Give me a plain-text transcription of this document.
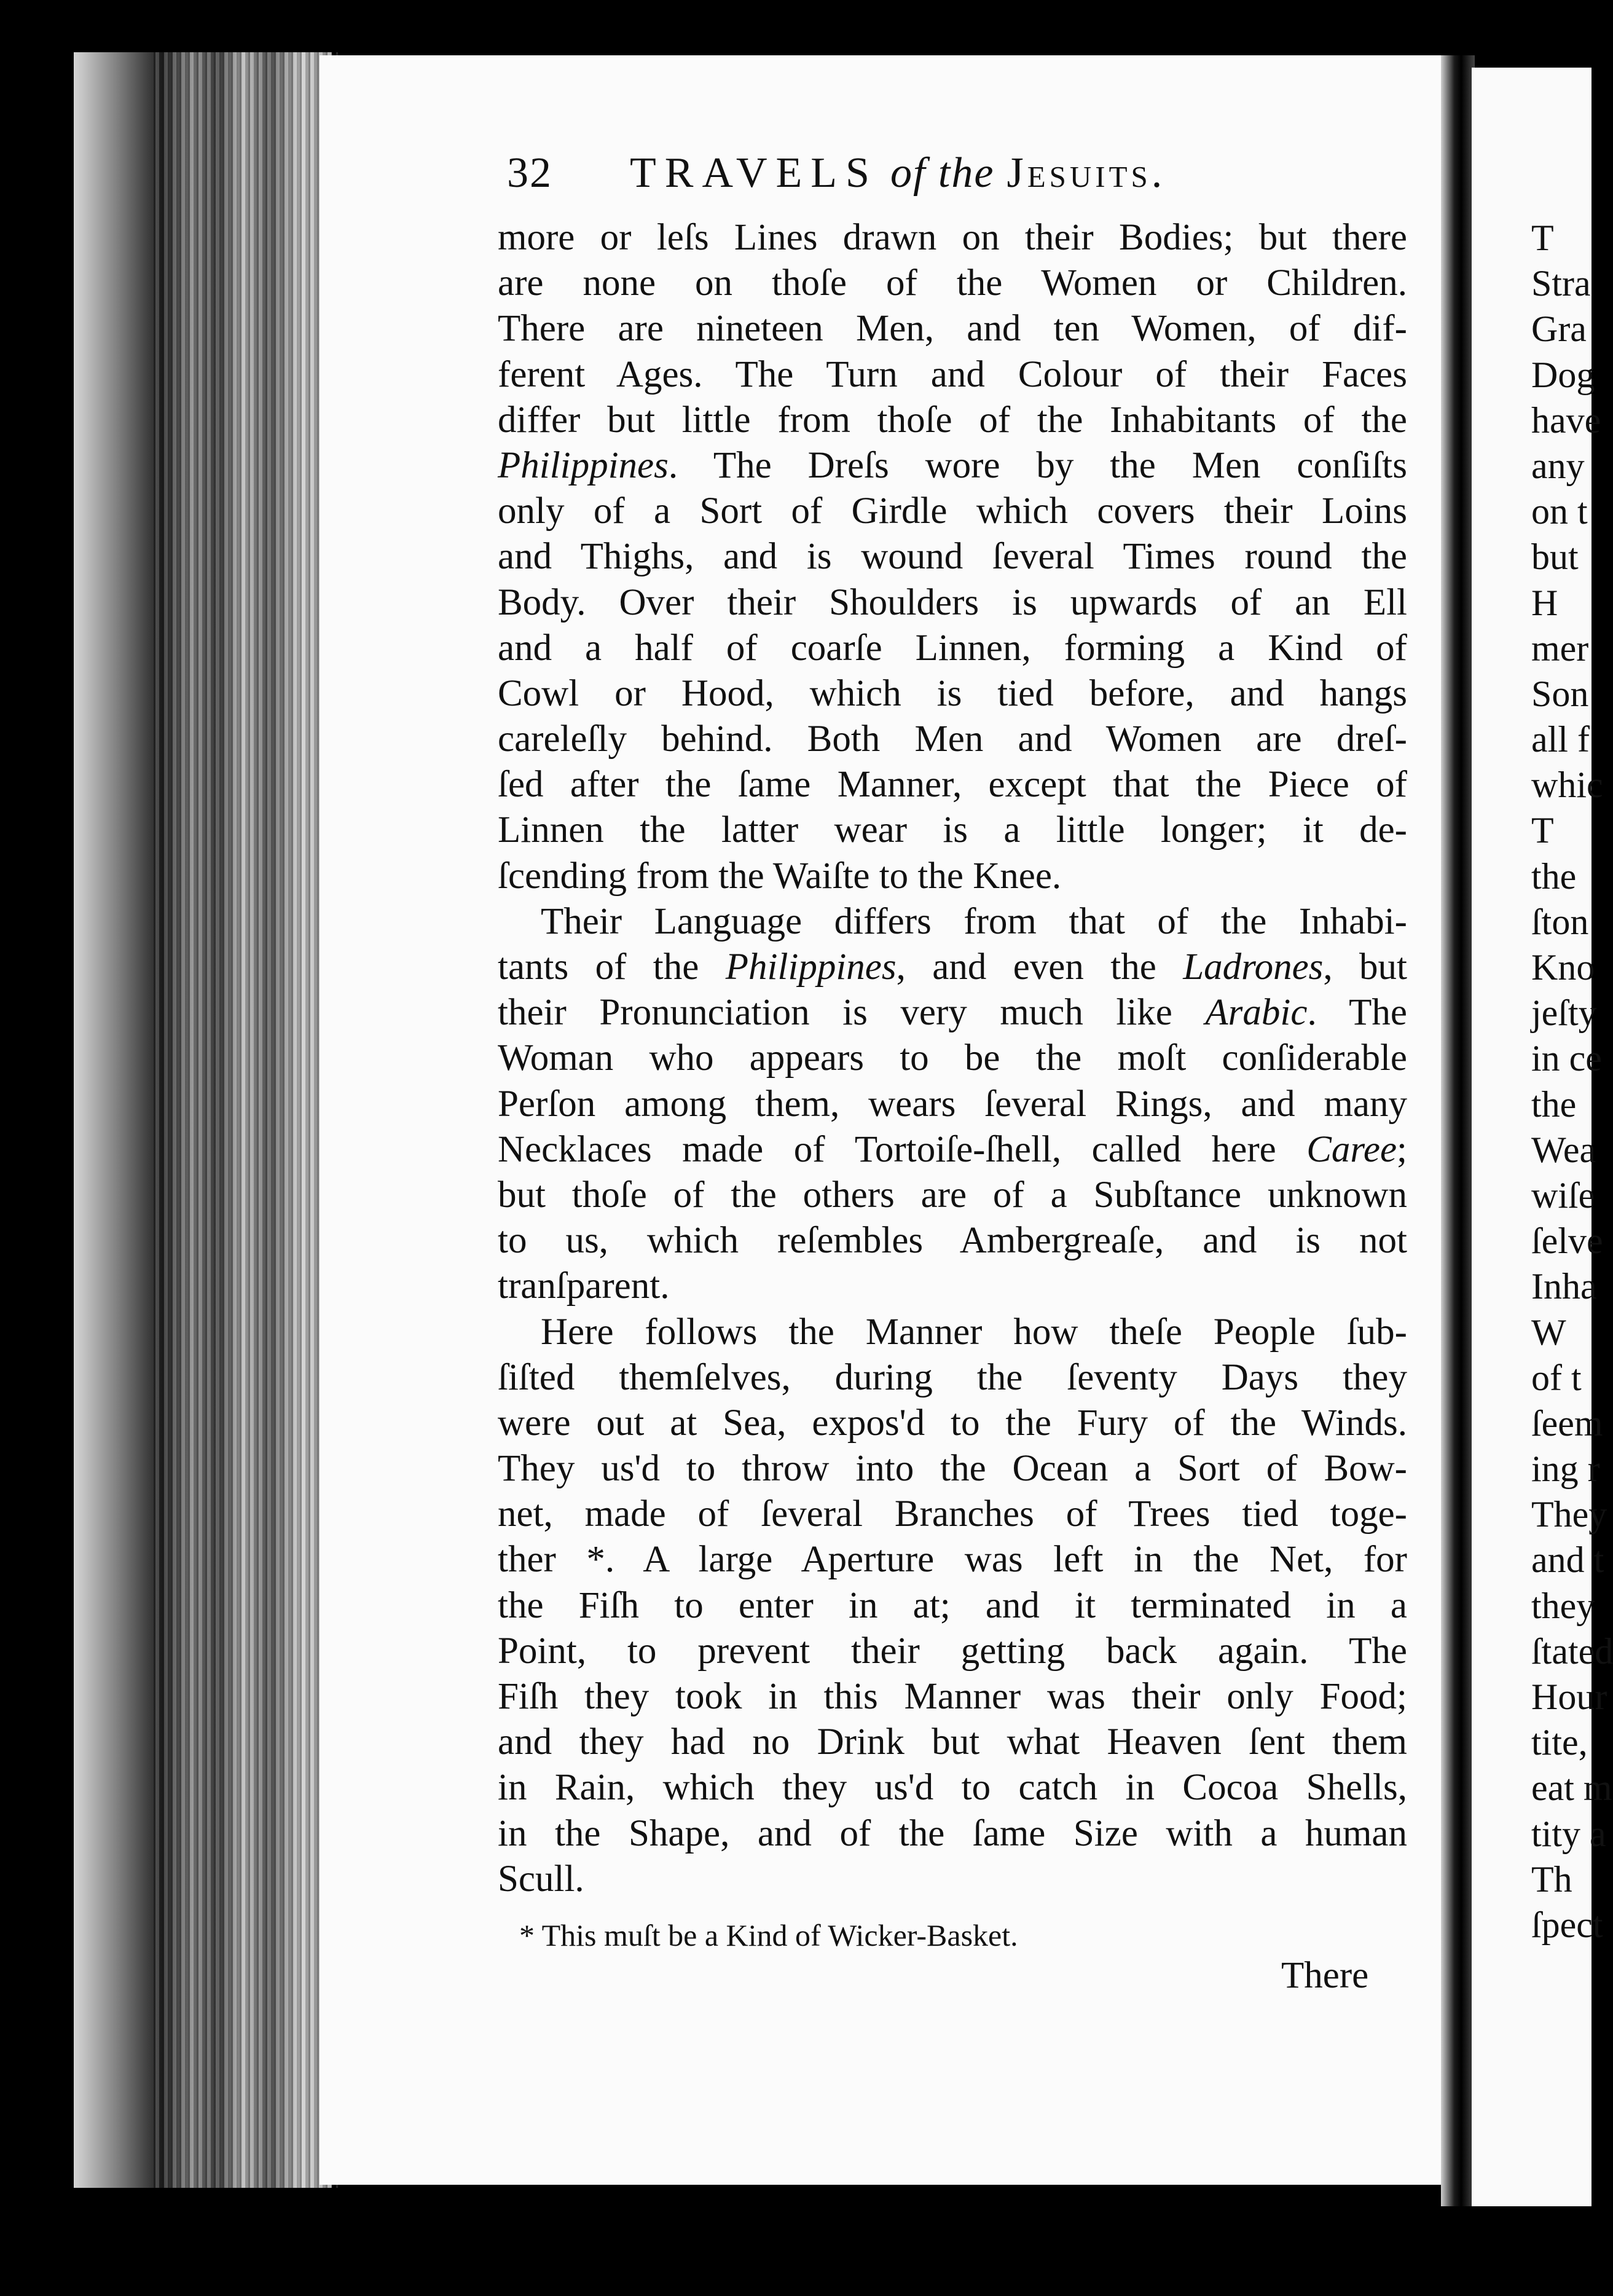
32	TRAVELS of the Jesuits.
more or leſs Lines drawn on their Bodies; but there
are none on thoſe of the Women or Children.
There are nineteen Men, and ten Women, of dif-
ferent Ages. The Turn and Colour of their Faces
differ but little from thoſe of the Inhabitants of the
Philippines. The Dreſs wore by the Men conſiſts
only of a Sort of Girdle which covers their Loins
and Thighs, and is wound ſeveral Times round the
Body. Over their Shoulders is upwards of an Ell
and a half of coarſe Linnen, forming a Kind of
Cowl or Hood, which is tied before, and hangs
careleſly behind. Both Men and Women are dreſ-
ſed after the ſame Manner, except that the Piece of
Linnen the latter wear is a little longer; it de-
ſcending from the Waiſte to the Knee.
Their Language differs from that of the Inhabi-
tants of the Philippines, and even the Ladrones, but
their Pronunciation is very much like Arabic. The
Woman who appears to be the moſt conſiderable
Perſon among them, wears ſeveral Rings, and many
Necklaces made of Tortoiſe-ſhell, called here Caree;
but thoſe of the others are of a Subſtance unknown
to us, which reſembles Ambergreaſe, and is not
tranſparent.
Here follows the Manner how theſe People ſub-
ſiſted themſelves, during the ſeventy Days they
were out at Sea, expos'd to the Fury of the Winds.
They us'd to throw into the Ocean a Sort of Bow-
net, made of ſeveral Branches of Trees tied toge-
ther *. A large Aperture was left in the Net, for
the Fiſh to enter in at; and it terminated in a
Point, to prevent their getting back again. The
Fiſh they took in this Manner was their only Food;
and they had no Drink but what Heaven ſent them
in Rain, which they us'd to catch in Cocoa Shells,
in the Shape, and of the ſame Size with a human
Scull.
* This muſt be a Kind of Wicker-Basket.
There
T
Stra
Gra
Dog
have
any
on t
but
H
mer
Son
all f
whic
T
the
ſton
Kno
jeſty
in ce
the
Wea
wiſe
ſelve
Inha
W
of t
ſeem
ing r
They
and t
they
ſtated
Hour
tite,
eat m
tity a
Th
ſpect
